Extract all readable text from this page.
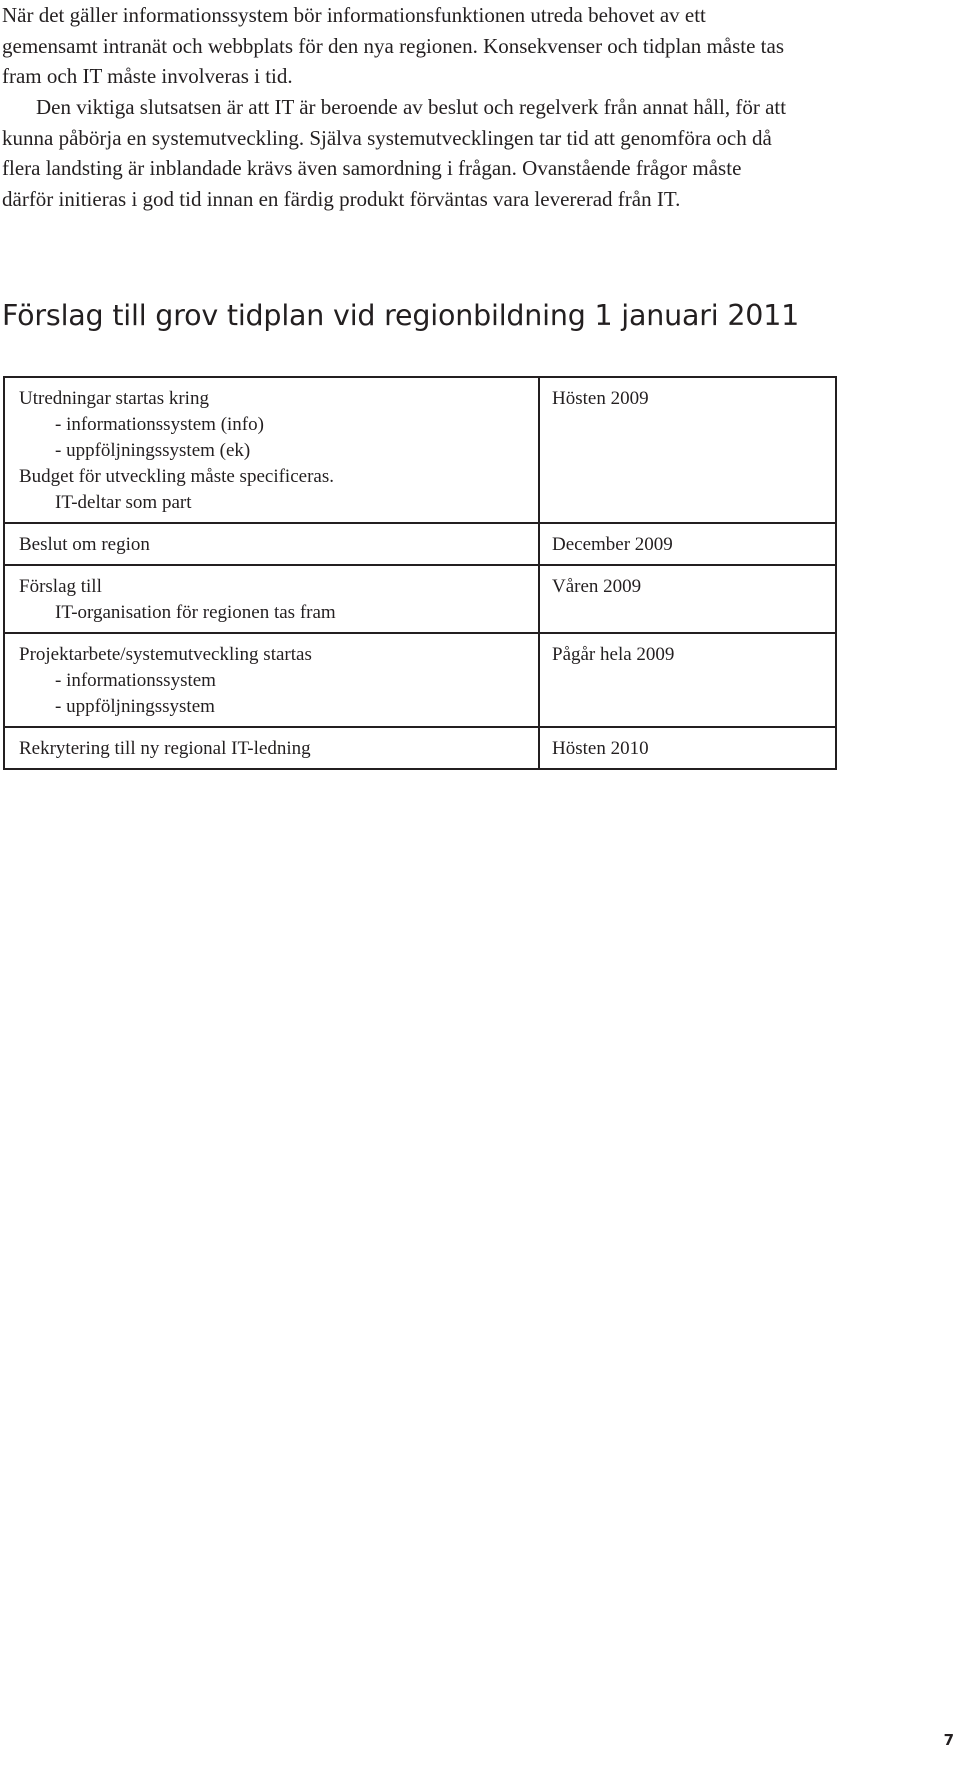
När det gäller informationssystem bör informationsfunktionen utreda behovet av ett gemensamt intranät och webbplats för den nya regionen. Konsekvenser och tidplan måste tas fram och IT måste involveras i tid.

Den viktiga slutsatsen är att IT är beroende av beslut och regelverk från annat håll, för att kunna påbörja en systemutveckling. Själva systemutvecklingen tar tid att genomföra och då flera landsting är inblandade krävs även samordning i frågan. Ovanstående frågor måste därför initieras i god tid innan en färdig produkt förväntas vara levererad från IT.

Förslag till grov tidplan vid regionbildning 1 januari 2011
Utredningar startas kring
- informationssystem (info)
- uppföljningssystem (ek)
Budget för utveckling måste specificeras.
IT-deltar som part
Hösten 2009
Beslut om region	December 2009
Förslag till
IT-organisation för regionen tas fram
Våren 2009
Projektarbete/systemutveckling startas
- informationssystem
- uppföljningssystem
Pågår hela 2009
Rekrytering till ny regional IT-ledning	Hösten 2010
7
